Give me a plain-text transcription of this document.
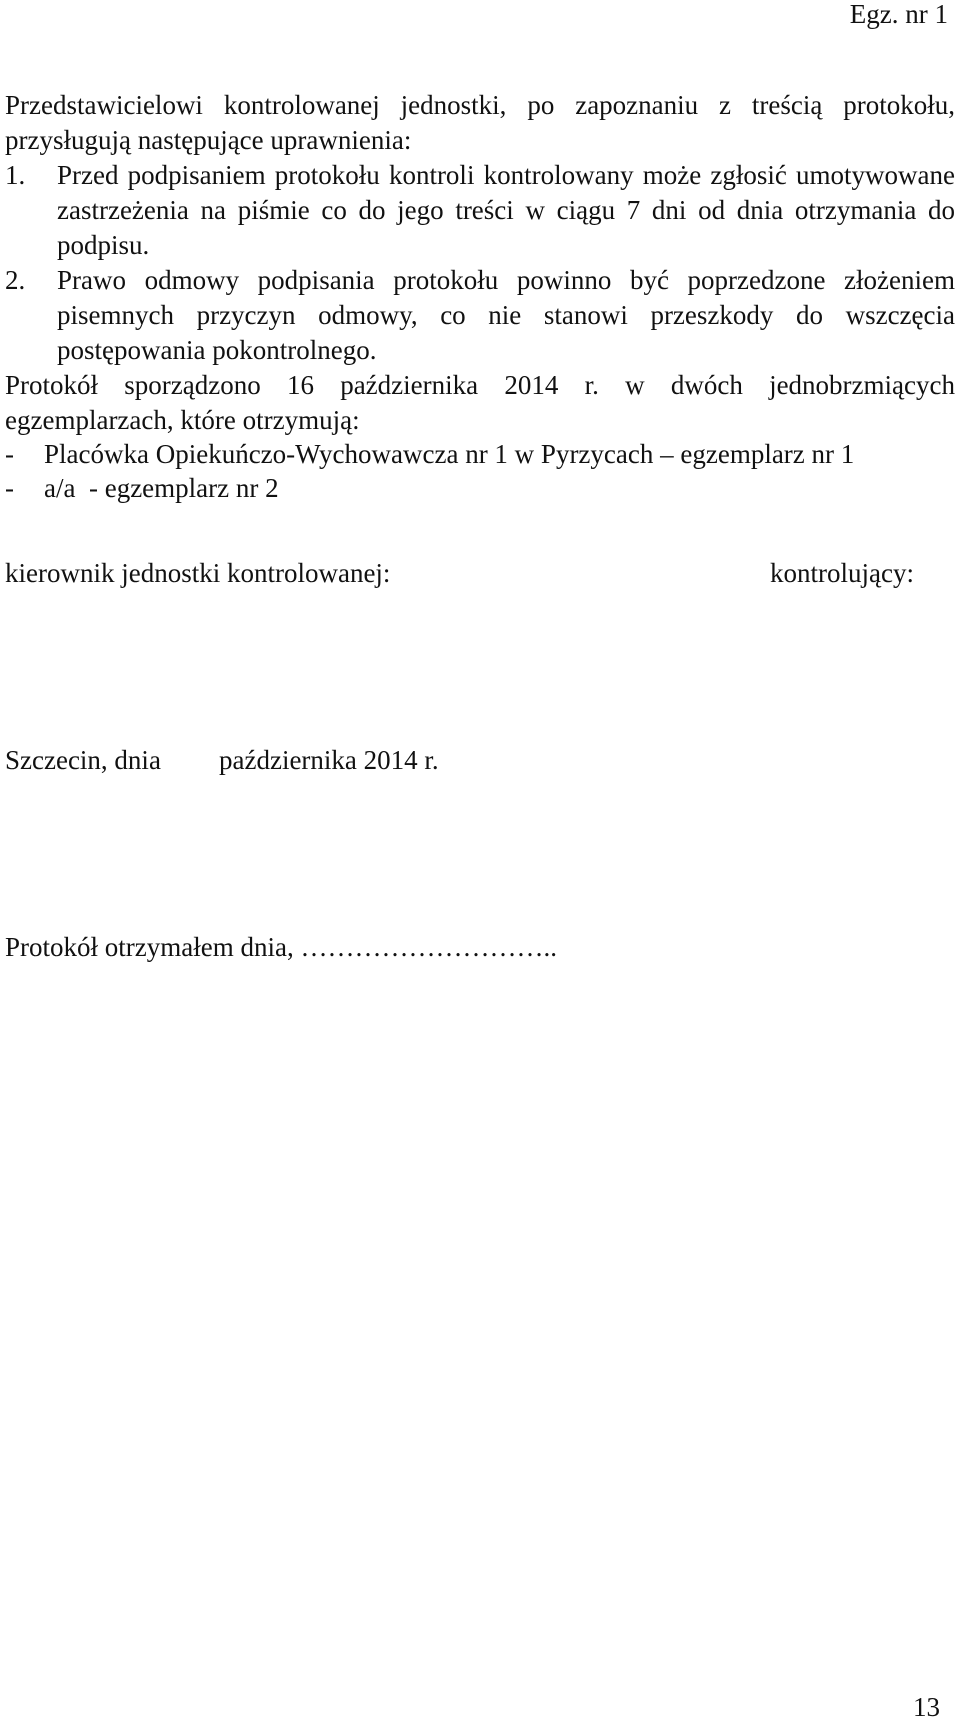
Egz. nr 1
Przedstawicielowi kontrolowanej jednostki, po zapoznaniu z treścią protokołu,
przysługują następujące uprawnienia:
1. Przed podpisaniem protokołu kontroli kontrolowany może zgłosić umotywowane
zastrzeżenia na piśmie co do jego treści w ciągu 7 dni od dnia otrzymania do
podpisu.
2. Prawo odmowy podpisania protokołu powinno być poprzedzone złożeniem
pisemnych przyczyn odmowy, co nie stanowi przeszkody do wszczęcia
postępowania pokontrolnego.
Protokół sporządzono 16 października 2014 r. w dwóch jednobrzmiących
egzemplarzach, które otrzymują:
- Placówka Opiekuńczo-Wychowawcza nr 1 w Pyrzycach – egzemplarz nr 1
- a/a  - egzemplarz nr 2
kierownik jednostki kontrolowanej:	kontrolujący:
Szczecin, dnia października 2014 r.
Protokół otrzymałem dnia, ………………………..
13
